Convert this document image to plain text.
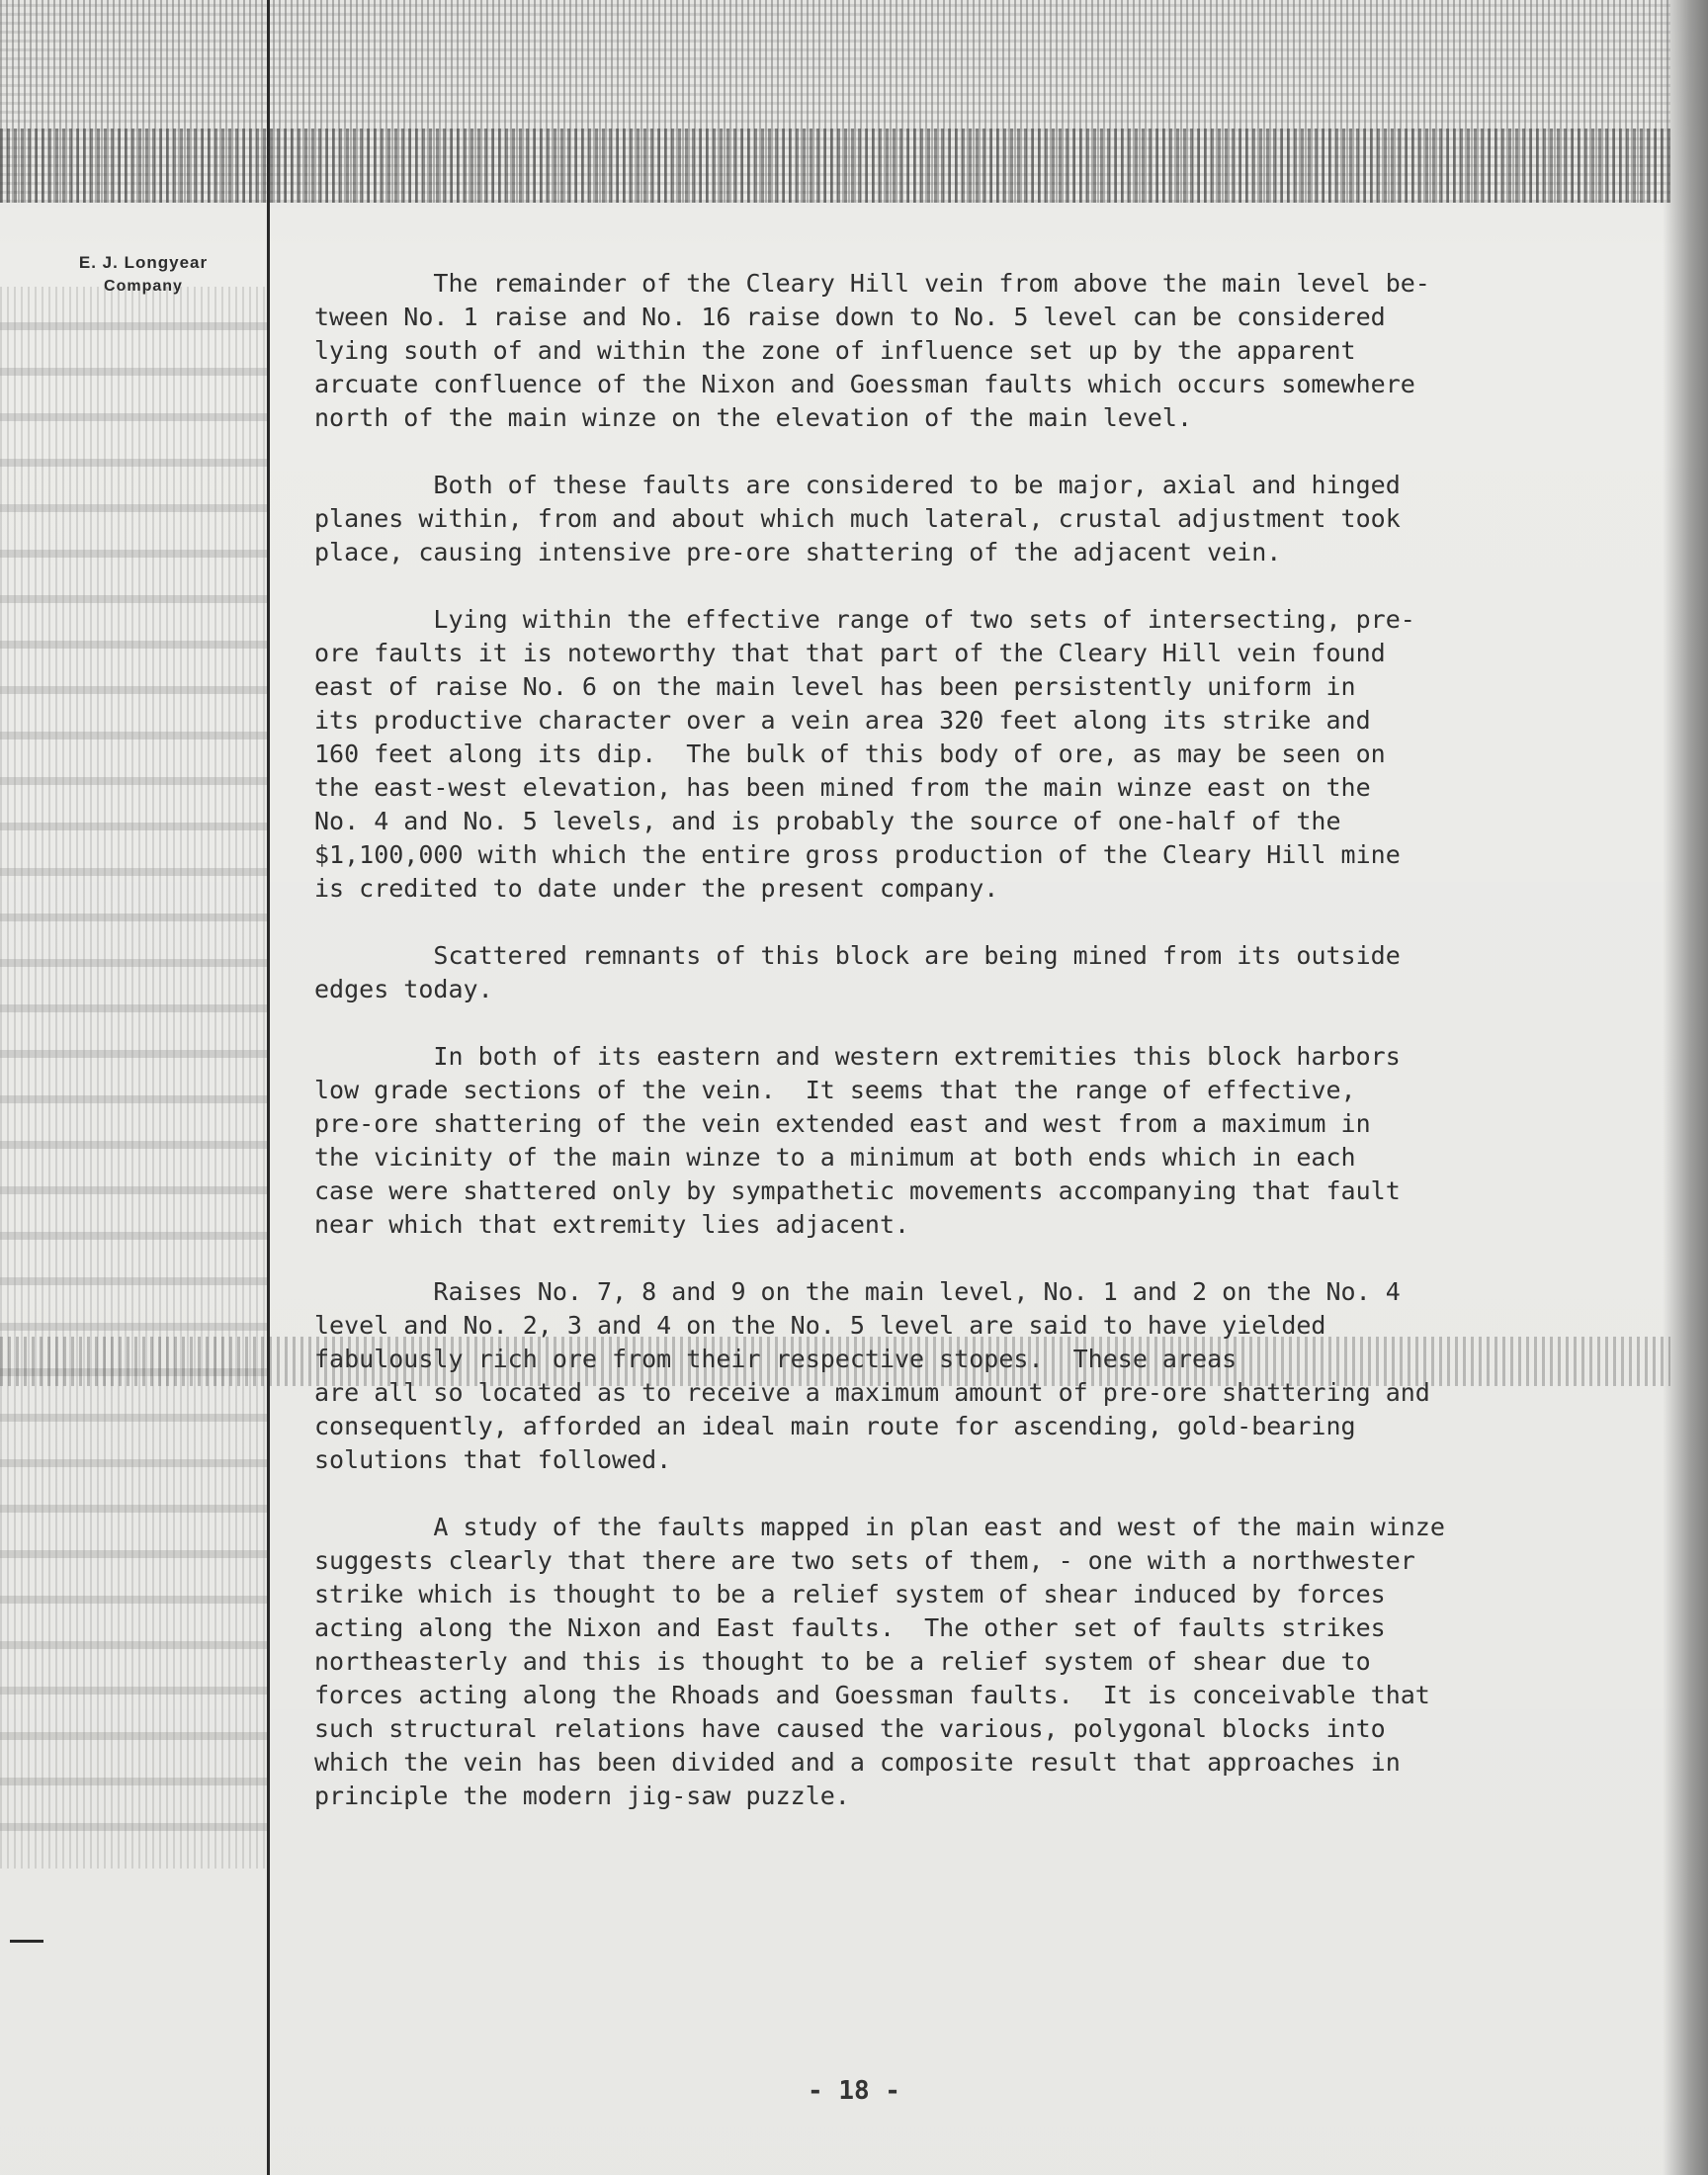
E. J. Longyear
Company	The remainder of the Cleary Hill vein from above the main level be-
tween No. 1 raise and No. 16 raise down to No. 5 level can be considered
lying south of and within the zone of influence set up by the apparent
arcuate confluence of the Nixon and Goessman faults which occurs somewhere
north of the main winze on the elevation of the main level.

Both of these faults are considered to be major, axial and hinged
planes within, from and about which much lateral, crustal adjustment took
place, causing intensive pre-ore shattering of the adjacent vein.

Lying within the effective range of two sets of intersecting, pre-
ore faults it is noteworthy that that part of the Cleary Hill vein found
east of raise No. 6 on the main level has been persistently uniform in
its productive character over a vein area 320 feet along its strike and
160 feet along its dip.  The bulk of this body of ore, as may be seen on
the east-west elevation, has been mined from the main winze east on the
No. 4 and No. 5 levels, and is probably the source of one-half of the
$1,100,000 with which the entire gross production of the Cleary Hill mine
is credited to date under the present company.

Scattered remnants of this block are being mined from its outside
edges today.

In both of its eastern and western extremities this block harbors
low grade sections of the vein.  It seems that the range of effective,
pre-ore shattering of the vein extended east and west from a maximum in
the vicinity of the main winze to a minimum at both ends which in each
case were shattered only by sympathetic movements accompanying that fault
near which that extremity lies adjacent.

Raises No. 7, 8 and 9 on the main level, No. 1 and 2 on the No. 4
level and No. 2, 3 and 4 on the No. 5 level are said to have yielded
fabulously rich ore from their respective stopes.  These areas
are all so located as to receive a maximum amount of pre-ore shattering and
consequently, afforded an ideal main route for ascending, gold-bearing
solutions that followed.

A study of the faults mapped in plan east and west of the main winze
suggests clearly that there are two sets of them, - one with a northwester
strike which is thought to be a relief system of shear induced by forces
acting along the Nixon and East faults.  The other set of faults strikes
northeasterly and this is thought to be a relief system of shear due to
forces acting along the Rhoads and Goessman faults.  It is conceivable that
such structural relations have caused the various, polygonal blocks into
which the vein has been divided and a composite result that approaches in
principle the modern jig-saw puzzle.

- 18 -
